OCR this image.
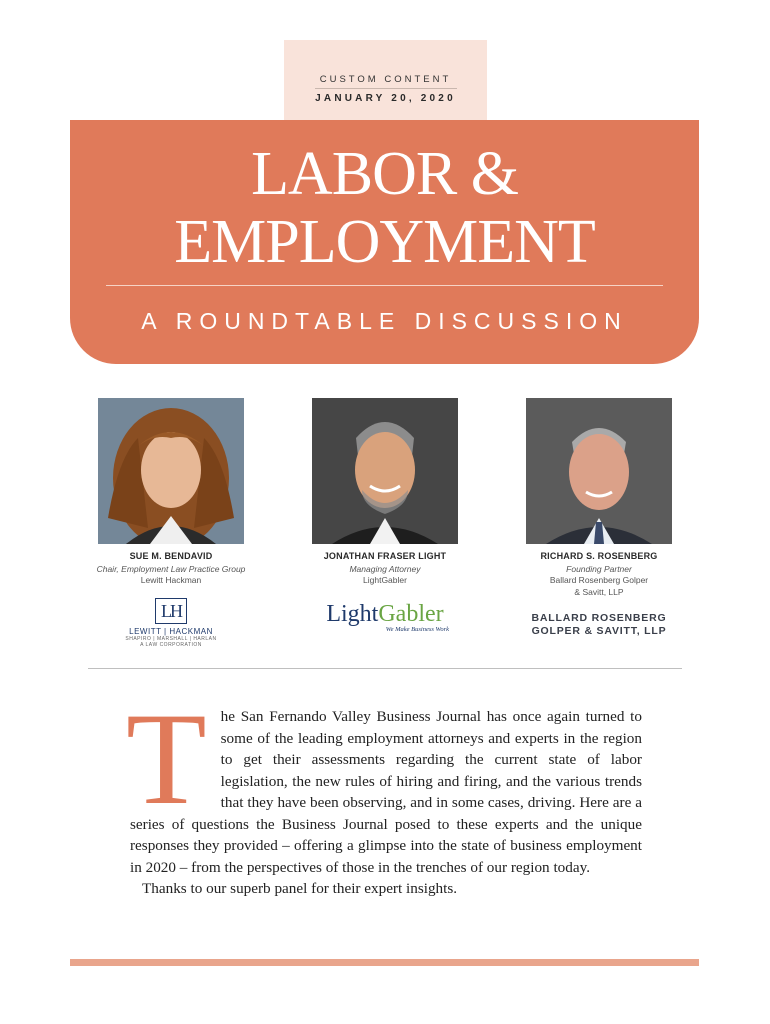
CUSTOM CONTENT
JANUARY 20, 2020
LABOR &
EMPLOYMENT
A ROUNDTABLE DISCUSSION
SUE M. BENDAVID
Chair, Employment Law Practice Group
Lewitt Hackman
LH
LEWITT | HACKMAN
SHAPIRO | MARSHALL | HARLAN
A LAW CORPORATION
JONATHAN FRASER LIGHT
Managing Attorney
LightGabler
LightGabler
We Make Business Work
RICHARD S. ROSENBERG
Founding Partner
Ballard Rosenberg Golper
& Savitt, LLP
BALLARD ROSENBERG
GOLPER & SAVITT, LLP

The San Fernando Valley Business Journal has once again turned to some of the leading employment attorneys and experts in the region to get their assessments regarding the current state of labor legislation, the new rules of hiring and firing, and the various trends that they have been observing, and in some cases, driving. Here are a series of questions the Business Journal posed to these experts and the unique responses they provided – offering a glimpse into the state of business employment in 2020 – from the perspectives of those in the trenches of our region today.

Thanks to our superb panel for their expert insights.
